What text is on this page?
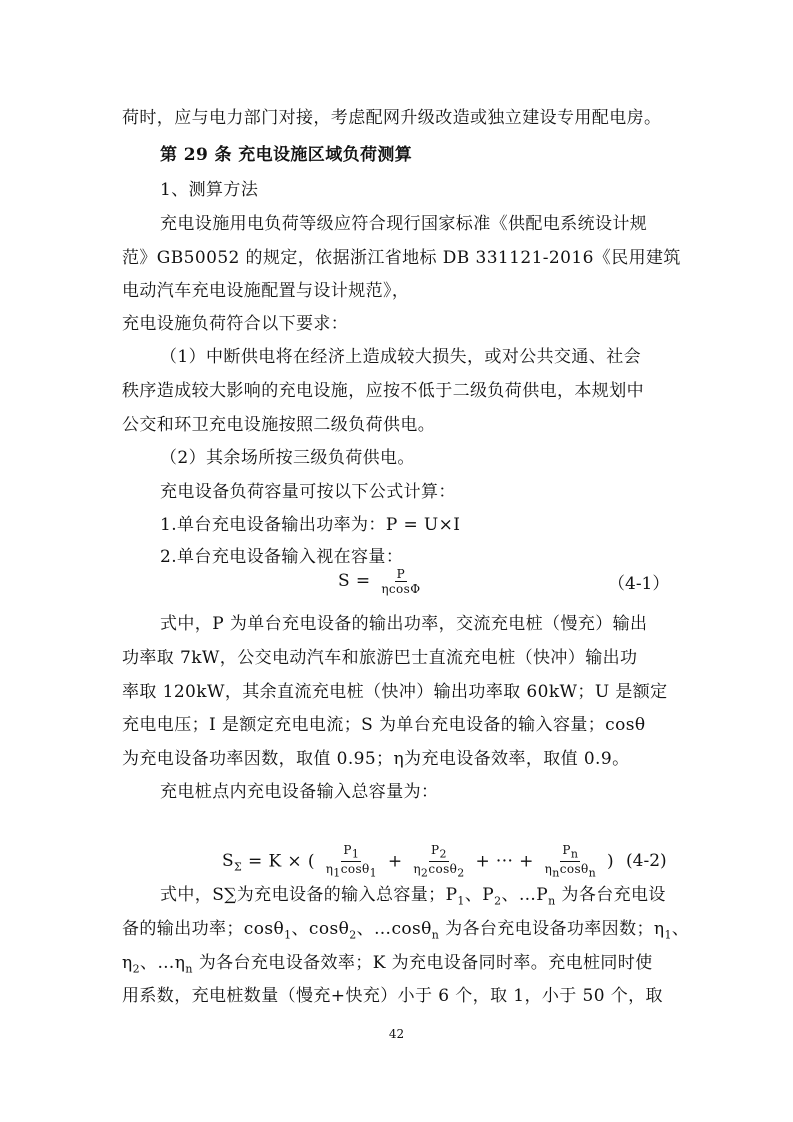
荷时，应与电力部门对接，考虑配网升级改造或独立建设专用配电房。
第 29 条 充电设施区域负荷测算
1、测算方法
充电设施用电负荷等级应符合现行国家标准《供配电系统设计规
范》GB50052 的规定，依据浙江省地标 DB 331121-2016《民用建筑
电动汽车充电设施配置与设计规范》，
充电设施负荷符合以下要求：
（1）中断供电将在经济上造成较大损失，或对公共交通、社会
秩序造成较大影响的充电设施，应按不低于二级负荷供电，本规划中
公交和环卫充电设施按照二级负荷供电。
（2）其余场所按三级负荷供电。
充电设备负荷容量可按以下公式计算：
1.单台充电设备输出功率为：P = U×I
2.单台充电设备输入视在容量：
$S = \frac{P}{\eta\cos\Phi}$	（4-1）
式中，P 为单台充电设备的输出功率，交流充电桩（慢充）输出
功率取 7kW，公交电动汽车和旅游巴士直流充电桩（快冲）输出功
率取 120kW，其余直流充电桩（快冲）输出功率取 60kW；U 是额定
充电电压；I 是额定充电电流；S 为单台充电设备的输入容量；cosθ
为充电设备功率因数，取值 0.95；η为充电设备效率，取值 0.9。
充电桩点内充电设备输入总容量为：
$S_\Sigma = K$ × ( $\frac{P_1}{\eta_1\cos\theta_1} + \frac{P_2}{\eta_2\cos\theta_2}$ + ··· + $\frac{P_n}{\eta_n\cos\theta_n}$ ) (4-2)
式中，S∑为充电设备的输入总容量；$P_1$、$P_2$、$\dots P_n$ 为各台充电设
备的输出功率；cosθ$_1$、cosθ$_2$、…cosθ$_n$ 为各台充电设备功率因数；$\eta_1$、
$\eta_2$、$\dots\eta_n$ 为各台充电设备效率；K 为充电设备同时率。充电桩同时使
用系数，充电桩数量（慢充+快充）小于 6 个，取 1，小于 50 个，取
42
